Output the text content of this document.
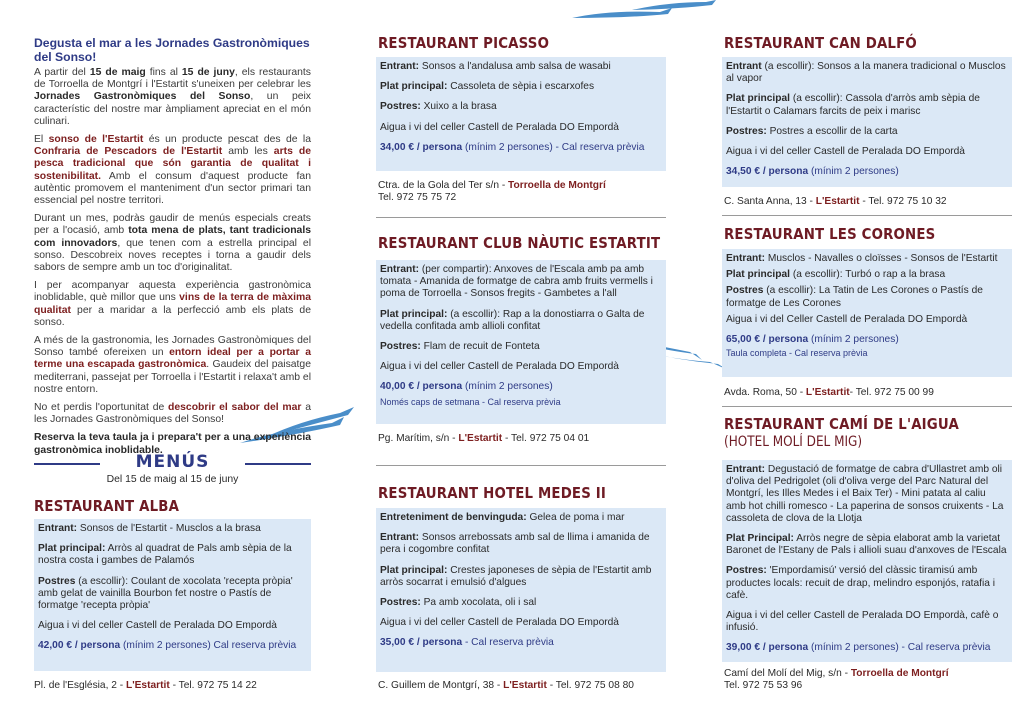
Degusta el mar a les Jornades Gastronòmiques del Sonso!

A partir del 15 de maig fins al 15 de juny, els restaurants de Torroella de Montgrí i l'Estartit s'uneixen per celebrar les Jornades Gastronòmiques del Sonso, un peix característic del nostre mar àmpliament apreciat en el món culinari.

El sonso de l'Estartit és un producte pescat des de la Confraria de Pescadors de l'Estartit amb les arts de pesca tradicional que són garantia de qualitat i sostenibilitat. Amb el consum d'aquest producte fan autèntic promovem el manteniment d'un sector primari tan essencial pel nostre territori.

Durant un mes, podràs gaudir de menús especials creats per a l'ocasió, amb tota mena de plats, tant tradicionals com innovadors, que tenen com a estrella principal el sonso. Descobreix noves receptes i torna a gaudir dels sabors de sempre amb un toc d'originalitat.

I per acompanyar aquesta experiència gastronòmica inoblidable, què millor que uns vins de la terra de màxima qualitat per a maridar a la perfecció amb els plats de sonso.

A més de la gastronomia, les Jornades Gastronòmiques del Sonso també ofereixen un entorn ideal per a portar a terme una escapada gastronòmica. Gaudeix del paisatge mediterrani, passejat per Torroella i l'Estartit i relaxa't amb el nostre entorn.

No et perdis l'oportunitat de descobrir el sabor del mar a les Jornades Gastronòmiques del Sonso!

Reserva la teva taula ja i prepara't per a una experiència gastronòmica inoblidable.

MENÚS
Del 15 de maig al 15 de juny
RESTAURANT ALBA

Entrant: Sonsos de l'Estartit - Musclos a la brasa

Plat principal: Arròs al quadrat de Pals amb sèpia de la nostra costa i gambes de Palamós

Postres (a escollir): Coulant de xocolata 'recepta pròpia' amb gelat de vainilla Bourbon fet nostre o Pastís de formatge 'recepta pròpia'

Aigua i vi del celler Castell de Peralada DO Empordà

42,00 € / persona (mínim 2 persones) Cal reserva prèvia

Pl. de l'Església, 2 - L'Estartit - Tel. 972 75 14 22
RESTAURANT PICASSO

Entrant: Sonsos a l'andalusa amb salsa de wasabi

Plat principal: Cassoleta de sèpia i escarxofes

Postres: Xuixo a la brasa

Aigua i vi del celler Castell de Peralada DO Empordà

34,00 € / persona (mínim 2 persones) - Cal reserva prèvia

Ctra. de la Gola del Ter s/n - Torroella de Montgrí
Tel. 972 75 75 72
RESTAURANT CLUB NÀUTIC ESTARTIT

Entrant: (per compartir): Anxoves de l'Escala amb pa amb tomata - Amanida de formatge de cabra amb fruits vermells i poma de Torroella - Sonsos fregits - Gambetes a l'all

Plat principal: (a escollir): Rap a la donostiarra o Galta de vedella confitada amb allioli confitat

Postres: Flam de recuit de Fonteta

Aigua i vi del celler Castell de Peralada DO Empordà

40,00 € / persona (mínim 2 persones)

Només caps de setmana - Cal reserva prèvia
Pg. Marítim, s/n - L'Estartit - Tel. 972 75 04 01
RESTAURANT HOTEL MEDES II

Entreteniment de benvinguda: Gelea de poma i mar

Entrant: Sonsos arrebossats amb sal de llima i amanida de pera i cogombre confitat

Plat principal: Crestes japoneses de sèpia de l'Estartit amb arròs socarrat i emulsió d'algues

Postres: Pa amb xocolata, oli i sal

Aigua i vi del celler Castell de Peralada DO Empordà

35,00 € / persona - Cal reserva prèvia

C. Guillem de Montgrí, 38 - L'Estartit - Tel. 972 75 08 80
RESTAURANT CAN DALFÓ

Entrant (a escollir): Sonsos a la manera tradicional o Musclos al vapor

Plat principal (a escollir): Cassola d'arròs amb sèpia de l'Estartit o Calamars farcits de peix i marisc

Postres: Postres a escollir de la carta

Aigua i vi del celler Castell de Peralada DO Empordà

34,50 € / persona (mínim 2 persones)

C. Santa Anna, 13 - L'Estartit - Tel. 972 75 10 32
RESTAURANT LES CORONES

Entrant: Musclos - Navalles o cloïsses - Sonsos de l'Estartit

Plat principal (a escollir): Turbó o rap a la brasa

Postres (a escollir): La Tatin de Les Corones o Pastís de formatge de Les Corones

Aigua i vi del Celler Castell de Peralada DO Empordà

65,00 € / persona (mínim 2 persones)

Taula completa - Cal reserva prèvia
Avda. Roma, 50 - L'Estartit- Tel. 972 75 00 99
RESTAURANT CAMÍ DE L'AIGUA
(HOTEL MOLÍ DEL MIG)

Entrant: Degustació de formatge de cabra d'Ullastret amb oli d'oliva del Pedrigolet (oli d'oliva verge del Parc Natural del Montgrí, les Illes Medes i el Baix Ter) - Mini patata al caliu amb hot chilli romesco - La paperina de sonsos cruixents - La cassoleta de clova de la Llotja

Plat Principal: Arròs negre de sèpia elaborat amb la varietat Baronet de l'Estany de Pals i allioli suau d'anxoves de l'Escala

Postres: 'Empordamisú' versió del clàssic tiramisú amb productes locals: recuit de drap, melindro esponjós, ratafia i cafè.

Aigua i vi del celler Castell de Peralada DO Empordà, cafè o infusió.

39,00 € / persona (mínim 2 persones) - Cal reserva prèvia

Camí del Molí del Mig, s/n - Torroella de Montgrí
Tel. 972 75 53 96
